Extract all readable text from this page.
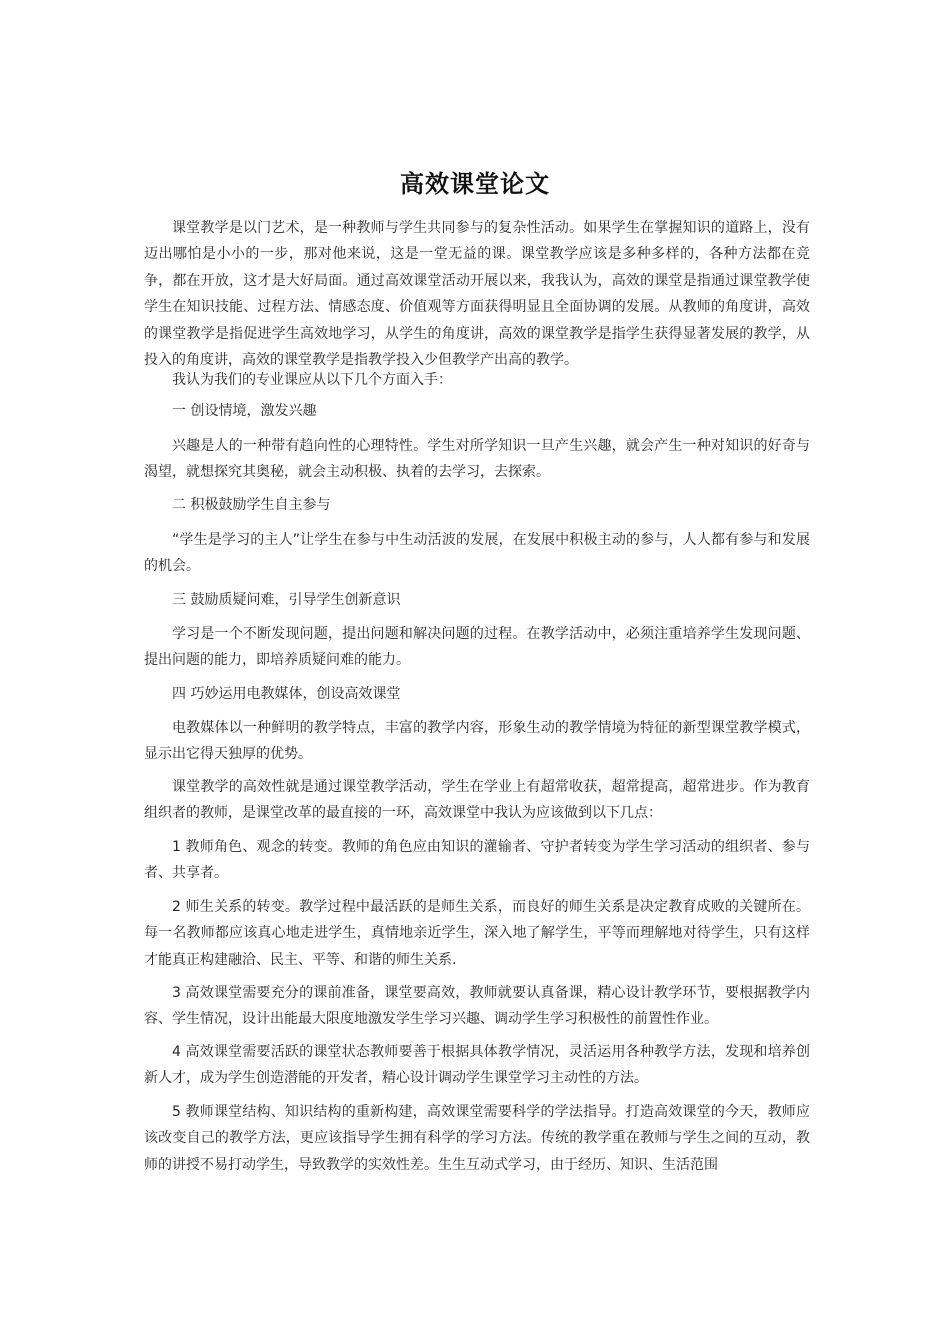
高效课堂论文

课堂教学是以门艺术，是一种教师与学生共同参与的复杂性活动。如果学生在掌握知识的道路上，没有迈出哪怕是小小的一步，那对他来说，这是一堂无益的课。课堂教学应该是多种多样的，各种方法都在竞争，都在开放，这才是大好局面。通过高效课堂活动开展以来，我我认为，高效的课堂是指通过课堂教学使学生在知识技能、过程方法、情感态度、价值观等方面获得明显且全面协调的发展。从教师的角度讲，高效的课堂教学是指促进学生高效地学习，从学生的角度讲，高效的课堂教学是指学生获得显著发展的教学，从投入的角度讲，高效的课堂教学是指教学投入少但教学产出高的教学。

我认为我们的专业课应从以下几个方面入手：

一 创设情境，激发兴趣

兴趣是人的一种带有趋向性的心理特性。学生对所学知识一旦产生兴趣，就会产生一种对知识的好奇与渴望，就想探究其奥秘，就会主动积极、执着的去学习，去探索。

二 积极鼓励学生自主参与

“学生是学习的主人”让学生在参与中生动活波的发展，在发展中积极主动的参与，人人都有参与和发展的机会。

三 鼓励质疑问难，引导学生创新意识

学习是一个不断发现问题，提出问题和解决问题的过程。在教学活动中，必须注重培养学生发现问题、提出问题的能力，即培养质疑问难的能力。

四 巧妙运用电教媒体，创设高效课堂

电教媒体以一种鲜明的教学特点，丰富的教学内容，形象生动的教学情境为特征的新型课堂教学模式，显示出它得天独厚的优势。

课堂教学的高效性就是通过课堂教学活动，学生在学业上有超常收获，超常提高，超常进步。作为教育组织者的教师，是课堂改革的最直接的一环，高效课堂中我认为应该做到以下几点：

1 教师角色、观念的转变。教师的角色应由知识的灌输者、守护者转变为学生学习活动的组织者、参与者、共享者。

2 师生关系的转变。教学过程中最活跃的是师生关系，而良好的师生关系是决定教育成败的关键所在。每一名教师都应该真心地走进学生，真情地亲近学生，深入地了解学生，平等而理解地对待学生，只有这样才能真正构建融洽、民主、平等、和谐的师生关系.

3 高效课堂需要充分的课前准备，课堂要高效，教师就要认真备课，精心设计教学环节，要根据教学内容、学生情况，设计出能最大限度地激发学生学习兴趣、调动学生学习积极性的前置性作业。

4 高效课堂需要活跃的课堂状态教师要善于根据具体教学情况，灵活运用各种教学方法，发现和培养创新人才，成为学生创造潜能的开发者，精心设计调动学生课堂学习主动性的方法。

5 教师课堂结构、知识结构的重新构建，高效课堂需要科学的学法指导。打造高效课堂的今天，教师应该改变自己的教学方法，更应该指导学生拥有科学的学习方法。传统的教学重在教师与学生之间的互动，教师的讲授不易打动学生，导致教学的实效性差。生生互动式学习，由于经历、知识、生活范围
